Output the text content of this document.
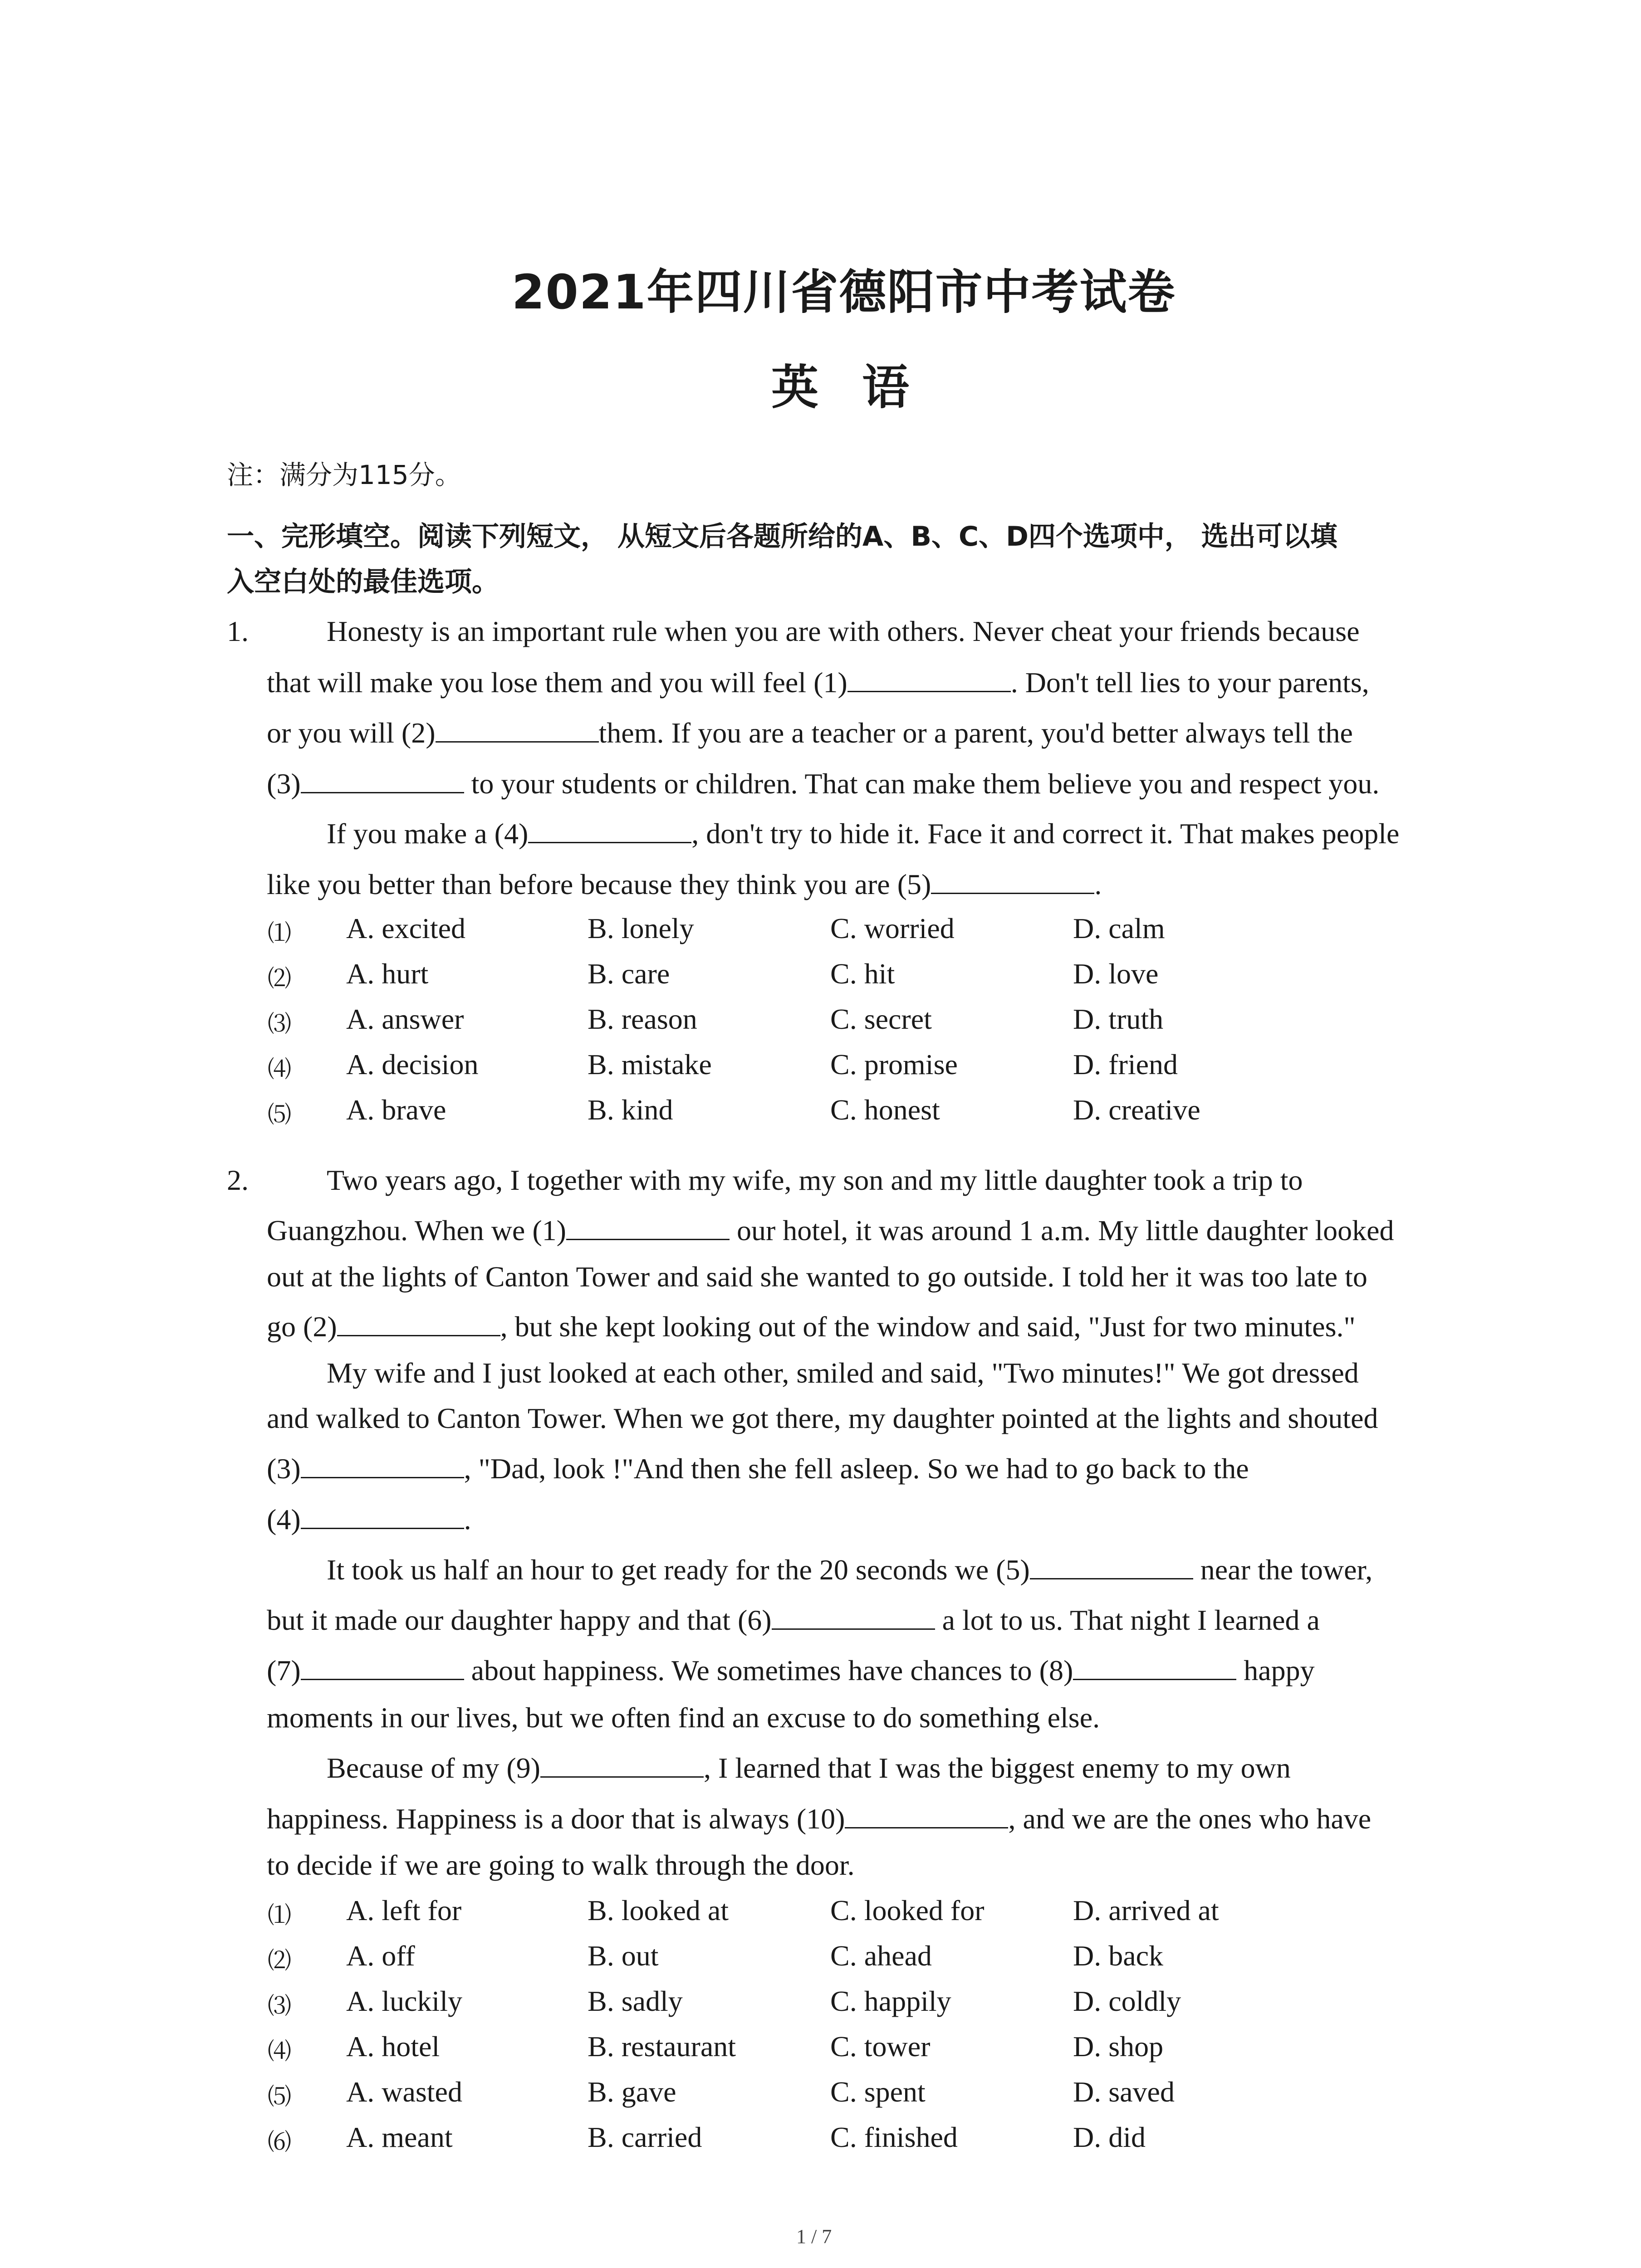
2021年四川省德阳市中考试卷
英语
注：满分为115分。
一、完形填空。阅读下列短文， 从短文后各题所给的A、B、C、D四个选项中， 选出可以填
入空白处的最佳选项。
1.	Honesty is an important rule when you are with others. Never cheat your friends because
that will make you lose them and you will feel (1)	. Don't tell lies to your parents,
or you will (2)	them. If you are a teacher or a parent, you'd better always tell the
(3)	to your students or children. That can make them believe you and respect you.
If you make a (4)	, don't try to hide it. Face it and correct it. That makes people
like you better than before because they think you are (5)	.
⑴ A. excited	B. lonely	C. worried	D. calm
⑵ A. hurt	B. care	C. hit	D. love
⑶ A. answer	B. reason	C. secret	D. truth
⑷ A. decision	B. mistake	C. promise	D. friend
⑸ A. brave	B. kind	C. honest	D. creative
2.	Two years ago, I together with my wife, my son and my little daughter took a trip to
Guangzhou. When we (1)	our hotel, it was around 1 a.m. My little daughter looked
out at the lights of Canton Tower and said she wanted to go outside. I told her it was too late to
go (2)	, but she kept looking out of the window and said, "Just for two minutes."
My wife and I just looked at each other, smiled and said, "Two minutes!" We got dressed
and walked to Canton Tower. When we got there, my daughter pointed at the lights and shouted
(3)	, "Dad, look !"And then she fell asleep. So we had to go back to the
(4)	.
It took us half an hour to get ready for the 20 seconds we (5)	near the tower,
but it made our daughter happy and that (6)	a lot to us. That night I learned a
(7)	about happiness. We sometimes have chances to (8)	happy
moments in our lives, but we often find an excuse to do something else.
Because of my (9)	, I learned that I was the biggest enemy to my own
happiness. Happiness is a door that is always (10)	, and we are the ones who have
to decide if we are going to walk through the door.
⑴ A. left for	B. looked at	C. looked for	D. arrived at
⑵ A. off	B. out	C. ahead	D. back
⑶ A. luckily	B. sadly	C. happily	D. coldly
⑷ A. hotel	B. restaurant	C. tower	D. shop
⑸ A. wasted	B. gave	C. spent	D. saved
⑹ A. meant	B. carried	C. finished	D. did
1 / 7
